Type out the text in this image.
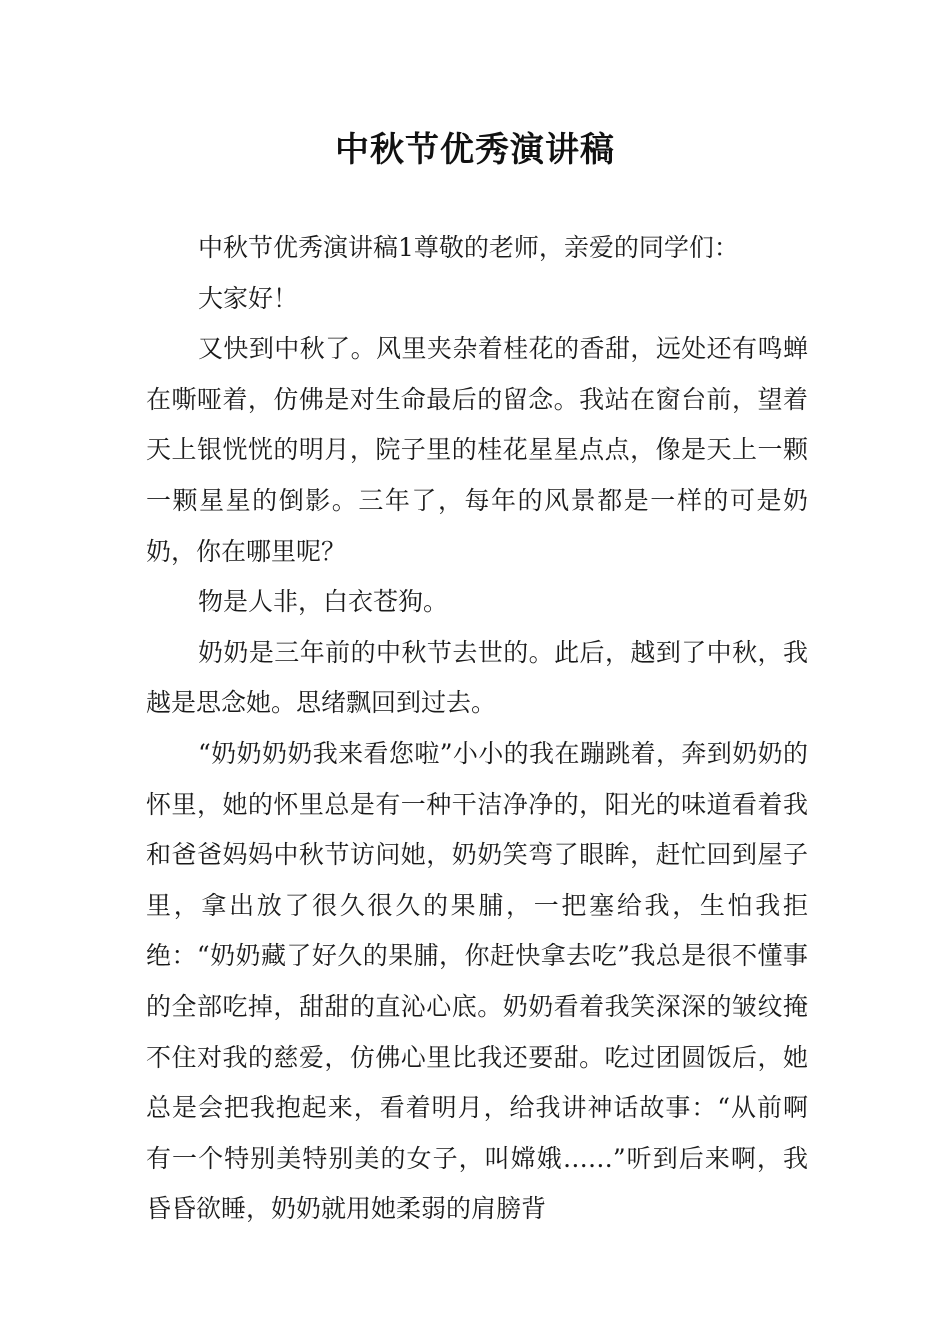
中秋节优秀演讲稿

中秋节优秀演讲稿1尊敬的老师，亲爱的同学们：

大家好！

又快到中秋了。风里夹杂着桂花的香甜，远处还有鸣蝉在嘶哑着，仿佛是对生命最后的留念。我站在窗台前，望着天上银恍恍的明月，院子里的桂花星星点点，像是天上一颗一颗星星的倒影。三年了，每年的风景都是一样的可是奶奶，你在哪里呢？

物是人非，白衣苍狗。

奶奶是三年前的中秋节去世的。此后，越到了中秋，我越是思念她。思绪飘回到过去。

“奶奶奶奶我来看您啦”小小的我在蹦跳着，奔到奶奶的怀里，她的怀里总是有一种干洁净净的，阳光的味道看着我和爸爸妈妈中秋节访问她，奶奶笑弯了眼眸，赶忙回到屋子里，拿出放了很久很久的果脯，一把塞给我，生怕我拒绝：“奶奶藏了好久的果脯，你赶快拿去吃”我总是很不懂事的全部吃掉，甜甜的直沁心底。奶奶看着我笑深深的皱纹掩不住对我的慈爱，仿佛心里比我还要甜。吃过团圆饭后，她总是会把我抱起来，看着明月，给我讲神话故事：“从前啊有一个特别美特别美的女子，叫嫦娥……”听到后来啊，我昏昏欲睡，奶奶就用她柔弱的肩膀背
